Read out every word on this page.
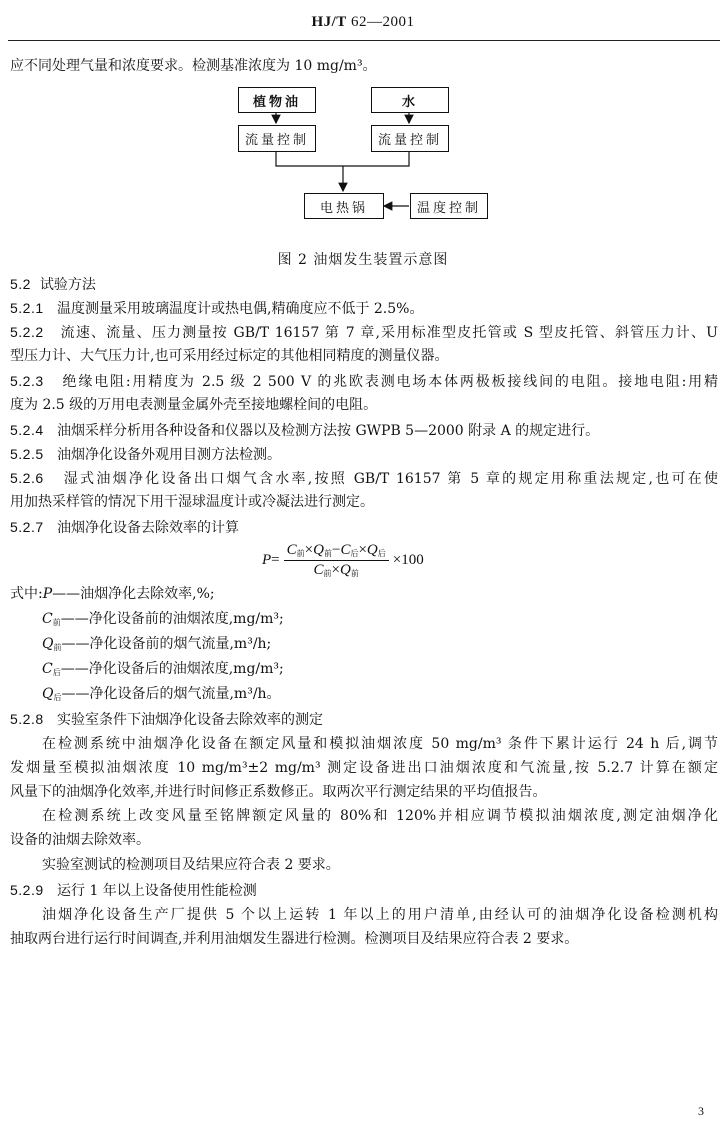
HJ/T 62—2001
应不同处理气量和浓度要求。检测基准浓度为 10 mg/m³。
植物油	水
流量控制	流量控制
电热锅	温度控制
图 2 油烟发生装置示意图
5.2 试验方法
5.2.1 温度测量采用玻璃温度计或热电偶,精确度应不低于 2.5%。
5.2.2 流速、流量、压力测量按 GB/T 16157 第 7 章,采用标准型皮托管或 S 型皮托管、斜管压力计、U
型压力计、大气压力计,也可采用经过标定的其他相同精度的测量仪器。
5.2.3 绝缘电阻:用精度为 2.5 级 2 500 V 的兆欧表测电场本体两极板接线间的电阻。接地电阻:用精
度为 2.5 级的万用电表测量金属外壳至接地螺栓间的电阻。
5.2.4 油烟采样分析用各种设备和仪器以及检测方法按 GWPB 5—2000 附录 A 的规定进行。
5.2.5 油烟净化设备外观用目测方法检测。
5.2.6 湿式油烟净化设备出口烟气含水率,按照 GB/T 16157 第 5 章的规定用称重法规定,也可在使
用加热采样管的情况下用干湿球温度计或冷凝法进行测定。
5.2.7 油烟净化设备去除效率的计算
$P = \frac{C_前\times Q_前-C_后\times Q_后}{C_前\times Q_前} \times 100$
式中:P——油烟净化去除效率,%;
$C_前——$净化设备前的油烟浓度,mg/m³;
$Q_前——$净化设备前的烟气流量,m³/h;
$C_后——$净化设备后的油烟浓度,mg/m³;
$Q_后——$净化设备后的烟气流量,m³/h。
5.2.8 实验室条件下油烟净化设备去除效率的测定
在检测系统中油烟净化设备在额定风量和模拟油烟浓度 50 mg/m³ 条件下累计运行 24 h 后,调节
发烟量至模拟油烟浓度 10 mg/m³±2 mg/m³ 测定设备进出口油烟浓度和气流量,按 5.2.7 计算在额定
风量下的油烟净化效率,并进行时间修正系数修正。取两次平行测定结果的平均值报告。
在检测系统上改变风量至铭牌额定风量的 80%和 120%并相应调节模拟油烟浓度,测定油烟净化
设备的油烟去除效率。
实验室测试的检测项目及结果应符合表 2 要求。
5.2.9 运行 1 年以上设备使用性能检测
油烟净化设备生产厂提供 5 个以上运转 1 年以上的用户清单,由经认可的油烟净化设备检测机构
抽取两台进行运行时间调查,并利用油烟发生器进行检测。检测项目及结果应符合表 2 要求。
3
